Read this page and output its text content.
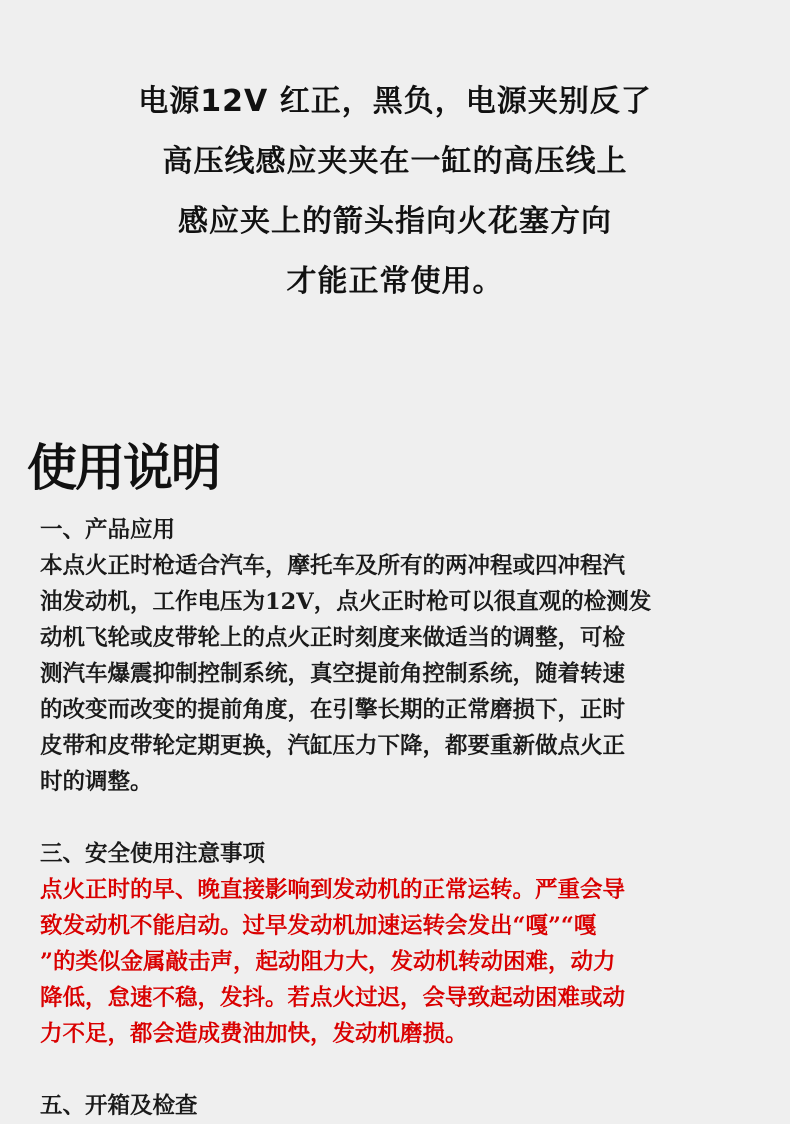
电源12V 红正，黑负，电源夹别反了
高压线感应夹夹在一缸的高压线上
感应夹上的箭头指向火花塞方向
才能正常使用。
使用说明
一、产品应用
本点火正时枪适合汽车，摩托车及所有的两冲程或四冲程汽
油发动机，工作电压为12V，点火正时枪可以很直观的检测发
动机飞轮或皮带轮上的点火正时刻度来做适当的调整，可检
测汽车爆震抑制控制系统，真空提前角控制系统，随着转速
的改变而改变的提前角度，在引擎长期的正常磨损下，正时
皮带和皮带轮定期更换，汽缸压力下降，都要重新做点火正
时的调整。
三、安全使用注意事项
点火正时的早、晚直接影响到发动机的正常运转。严重会导
致发动机不能启动。过早发动机加速运转会发出“嘎”“嘎
”的类似金属敲击声，起动阻力大，发动机转动困难，动力
降低，怠速不稳，发抖。若点火过迟，会导致起动困难或动
力不足，都会造成费油加快，发动机磨损。
五、开箱及检查
